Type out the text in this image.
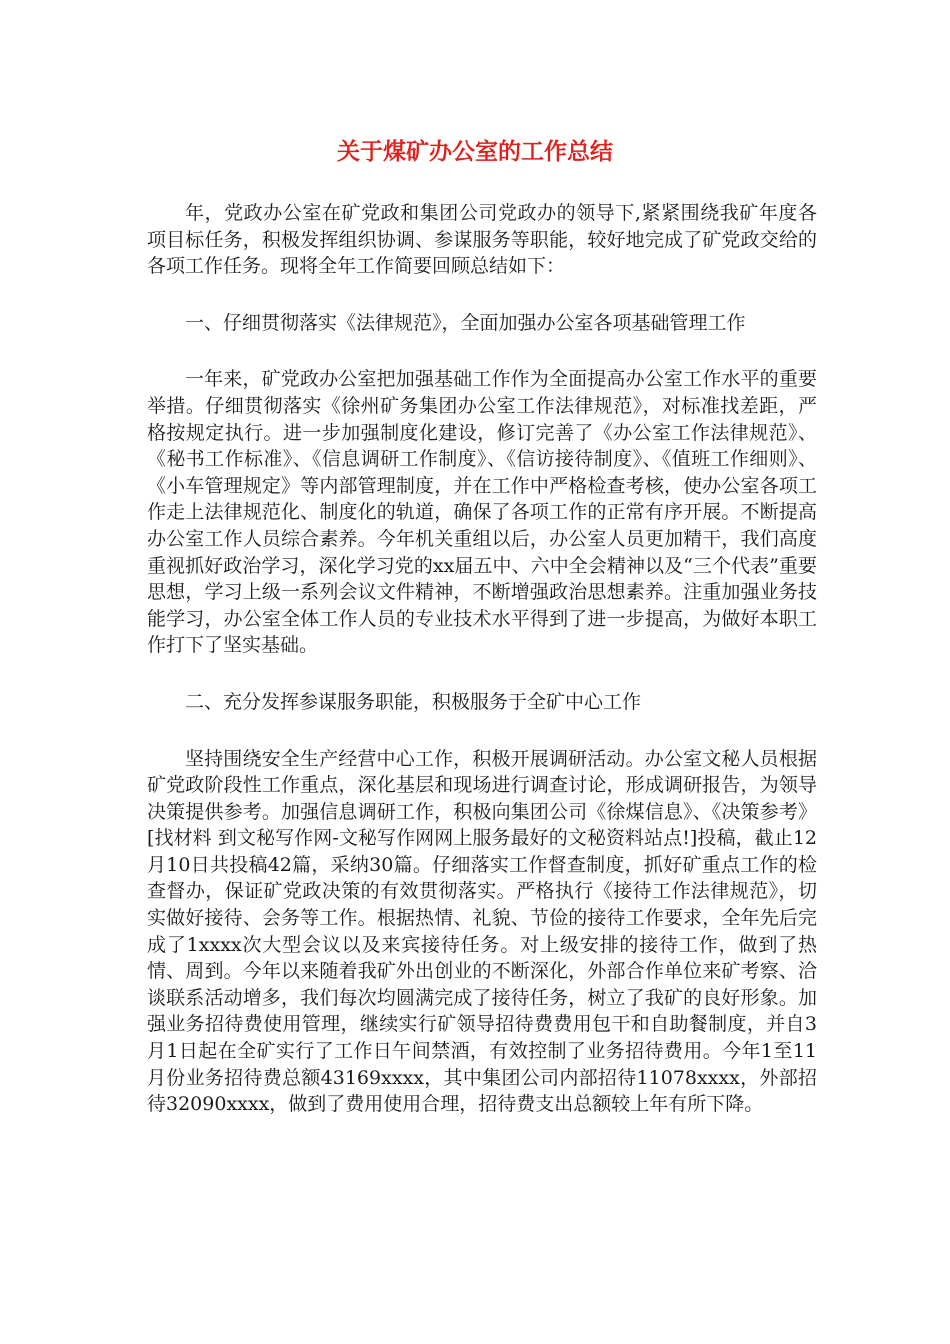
关于煤矿办公室的工作总结

年，党政办公室在矿党政和集团公司党政办的领导下,紧紧围绕我矿年度各项目标任务，积极发挥组织协调、参谋服务等职能，较好地完成了矿党政交给的各项工作任务。现将全年工作简要回顾总结如下：

一、仔细贯彻落实《法律规范》，全面加强办公室各项基础管理工作

一年来，矿党政办公室把加强基础工作作为全面提高办公室工作水平的重要举措。仔细贯彻落实《徐州矿务集团办公室工作法律规范》，对标准找差距，严格按规定执行。进一步加强制度化建设，修订完善了《办公室工作法律规范》、《秘书工作标准》、《信息调研工作制度》、《信访接待制度》、《值班工作细则》、《小车管理规定》等内部管理制度，并在工作中严格检查考核，使办公室各项工作走上法律规范化、制度化的轨道，确保了各项工作的正常有序开展。不断提高办公室工作人员综合素养。今年机关重组以后，办公室人员更加精干，我们高度重视抓好政治学习，深化学习党的xx届五中、六中全会精神以及“三个代表”重要思想，学习上级一系列会议文件精神，不断增强政治思想素养。注重加强业务技能学习，办公室全体工作人员的专业技术水平得到了进一步提高，为做好本职工作打下了坚实基础。

二、充分发挥参谋服务职能，积极服务于全矿中心工作

坚持围绕安全生产经营中心工作，积极开展调研活动。办公室文秘人员根据矿党政阶段性工作重点，深化基层和现场进行调查讨论，形成调研报告，为领导决策提供参考。加强信息调研工作，积极向集团公司《徐煤信息》、《决策参考》[找材料 到文秘写作网-文秘写作网网上服务最好的文秘资料站点!]投稿，截止12月10日共投稿42篇，采纳30篇。仔细落实工作督查制度，抓好矿重点工作的检查督办，保证矿党政决策的有效贯彻落实。严格执行《接待工作法律规范》，切实做好接待、会务等工作。根据热情、礼貌、节俭的接待工作要求，全年先后完成了1xxxx次大型会议以及来宾接待任务。对上级安排的接待工作，做到了热情、周到。今年以来随着我矿外出创业的不断深化，外部合作单位来矿考察、洽谈联系活动增多，我们每次均圆满完成了接待任务，树立了我矿的良好形象。加强业务招待费使用管理，继续实行矿领导招待费费用包干和自助餐制度，并自3月1日起在全矿实行了工作日午间禁酒，有效控制了业务招待费用。今年1至11月份业务招待费总额43169xxxx，其中集团公司内部招待11078xxxx，外部招待32090xxxx，做到了费用使用合理，招待费支出总额较上年有所下降。
